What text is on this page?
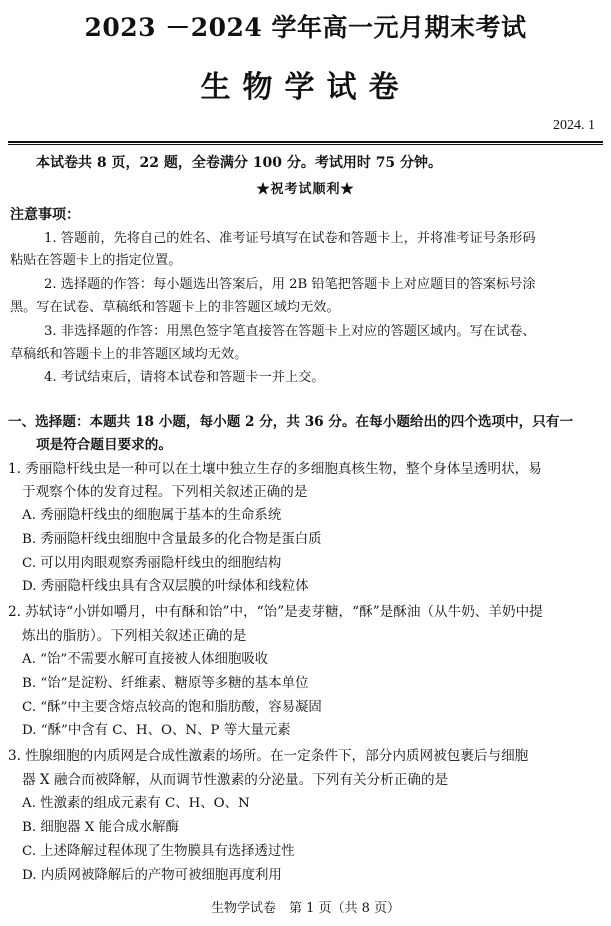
2023 －2024 学年高一元月期末考试
生物学试卷
2024. 1
本试卷共 8 页，22 题，全卷满分 100 分。考试用时 75 分钟。
★祝考试顺利★
注意事项：
1. 答题前，先将自己的姓名、准考证号填写在试卷和答题卡上，并将准考证号条形码
粘贴在答题卡上的指定位置。
2. 选择题的作答：每小题选出答案后，用 2B 铅笔把答题卡上对应题目的答案标号涂
黑。写在试卷、草稿纸和答题卡上的非答题区域均无效。
3. 非选择题的作答：用黑色签字笔直接答在答题卡上对应的答题区域内。写在试卷、
草稿纸和答题卡上的非答题区域均无效。
4. 考试结束后，请将本试卷和答题卡一并上交。
一、选择题：本题共 18 小题，每小题 2 分，共 36 分。在每小题给出的四个选项中，只有一
项是符合题目要求的。
1. 秀丽隐杆线虫是一种可以在土壤中独立生存的多细胞真核生物，整个身体呈透明状，易
于观察个体的发育过程。下列相关叙述正确的是
A. 秀丽隐杆线虫的细胞属于基本的生命系统
B. 秀丽隐杆线虫细胞中含量最多的化合物是蛋白质
C. 可以用肉眼观察秀丽隐杆线虫的细胞结构
D. 秀丽隐杆线虫具有含双层膜的叶绿体和线粒体
2. 苏轼诗“小饼如嚼月，中有酥和饴”中，“饴”是麦芽糖，“酥”是酥油（从牛奶、羊奶中提
炼出的脂肪）。下列相关叙述正确的是
A. “饴”不需要水解可直接被人体细胞吸收
B. “饴”是淀粉、纤维素、糖原等多糖的基本单位
C. “酥”中主要含熔点较高的饱和脂肪酸，容易凝固
D. “酥”中含有 C、H、O、N、P 等大量元素
3. 性腺细胞的内质网是合成性激素的场所。在一定条件下，部分内质网被包裹后与细胞
器 X 融合而被降解，从而调节性激素的分泌量。下列有关分析正确的是
A. 性激素的组成元素有 C、H、O、N
B. 细胞器 X 能合成水解酶
C. 上述降解过程体现了生物膜具有选择透过性
D. 内质网被降解后的产物可被细胞再度利用
生物学试卷　第 1 页（共 8 页）
